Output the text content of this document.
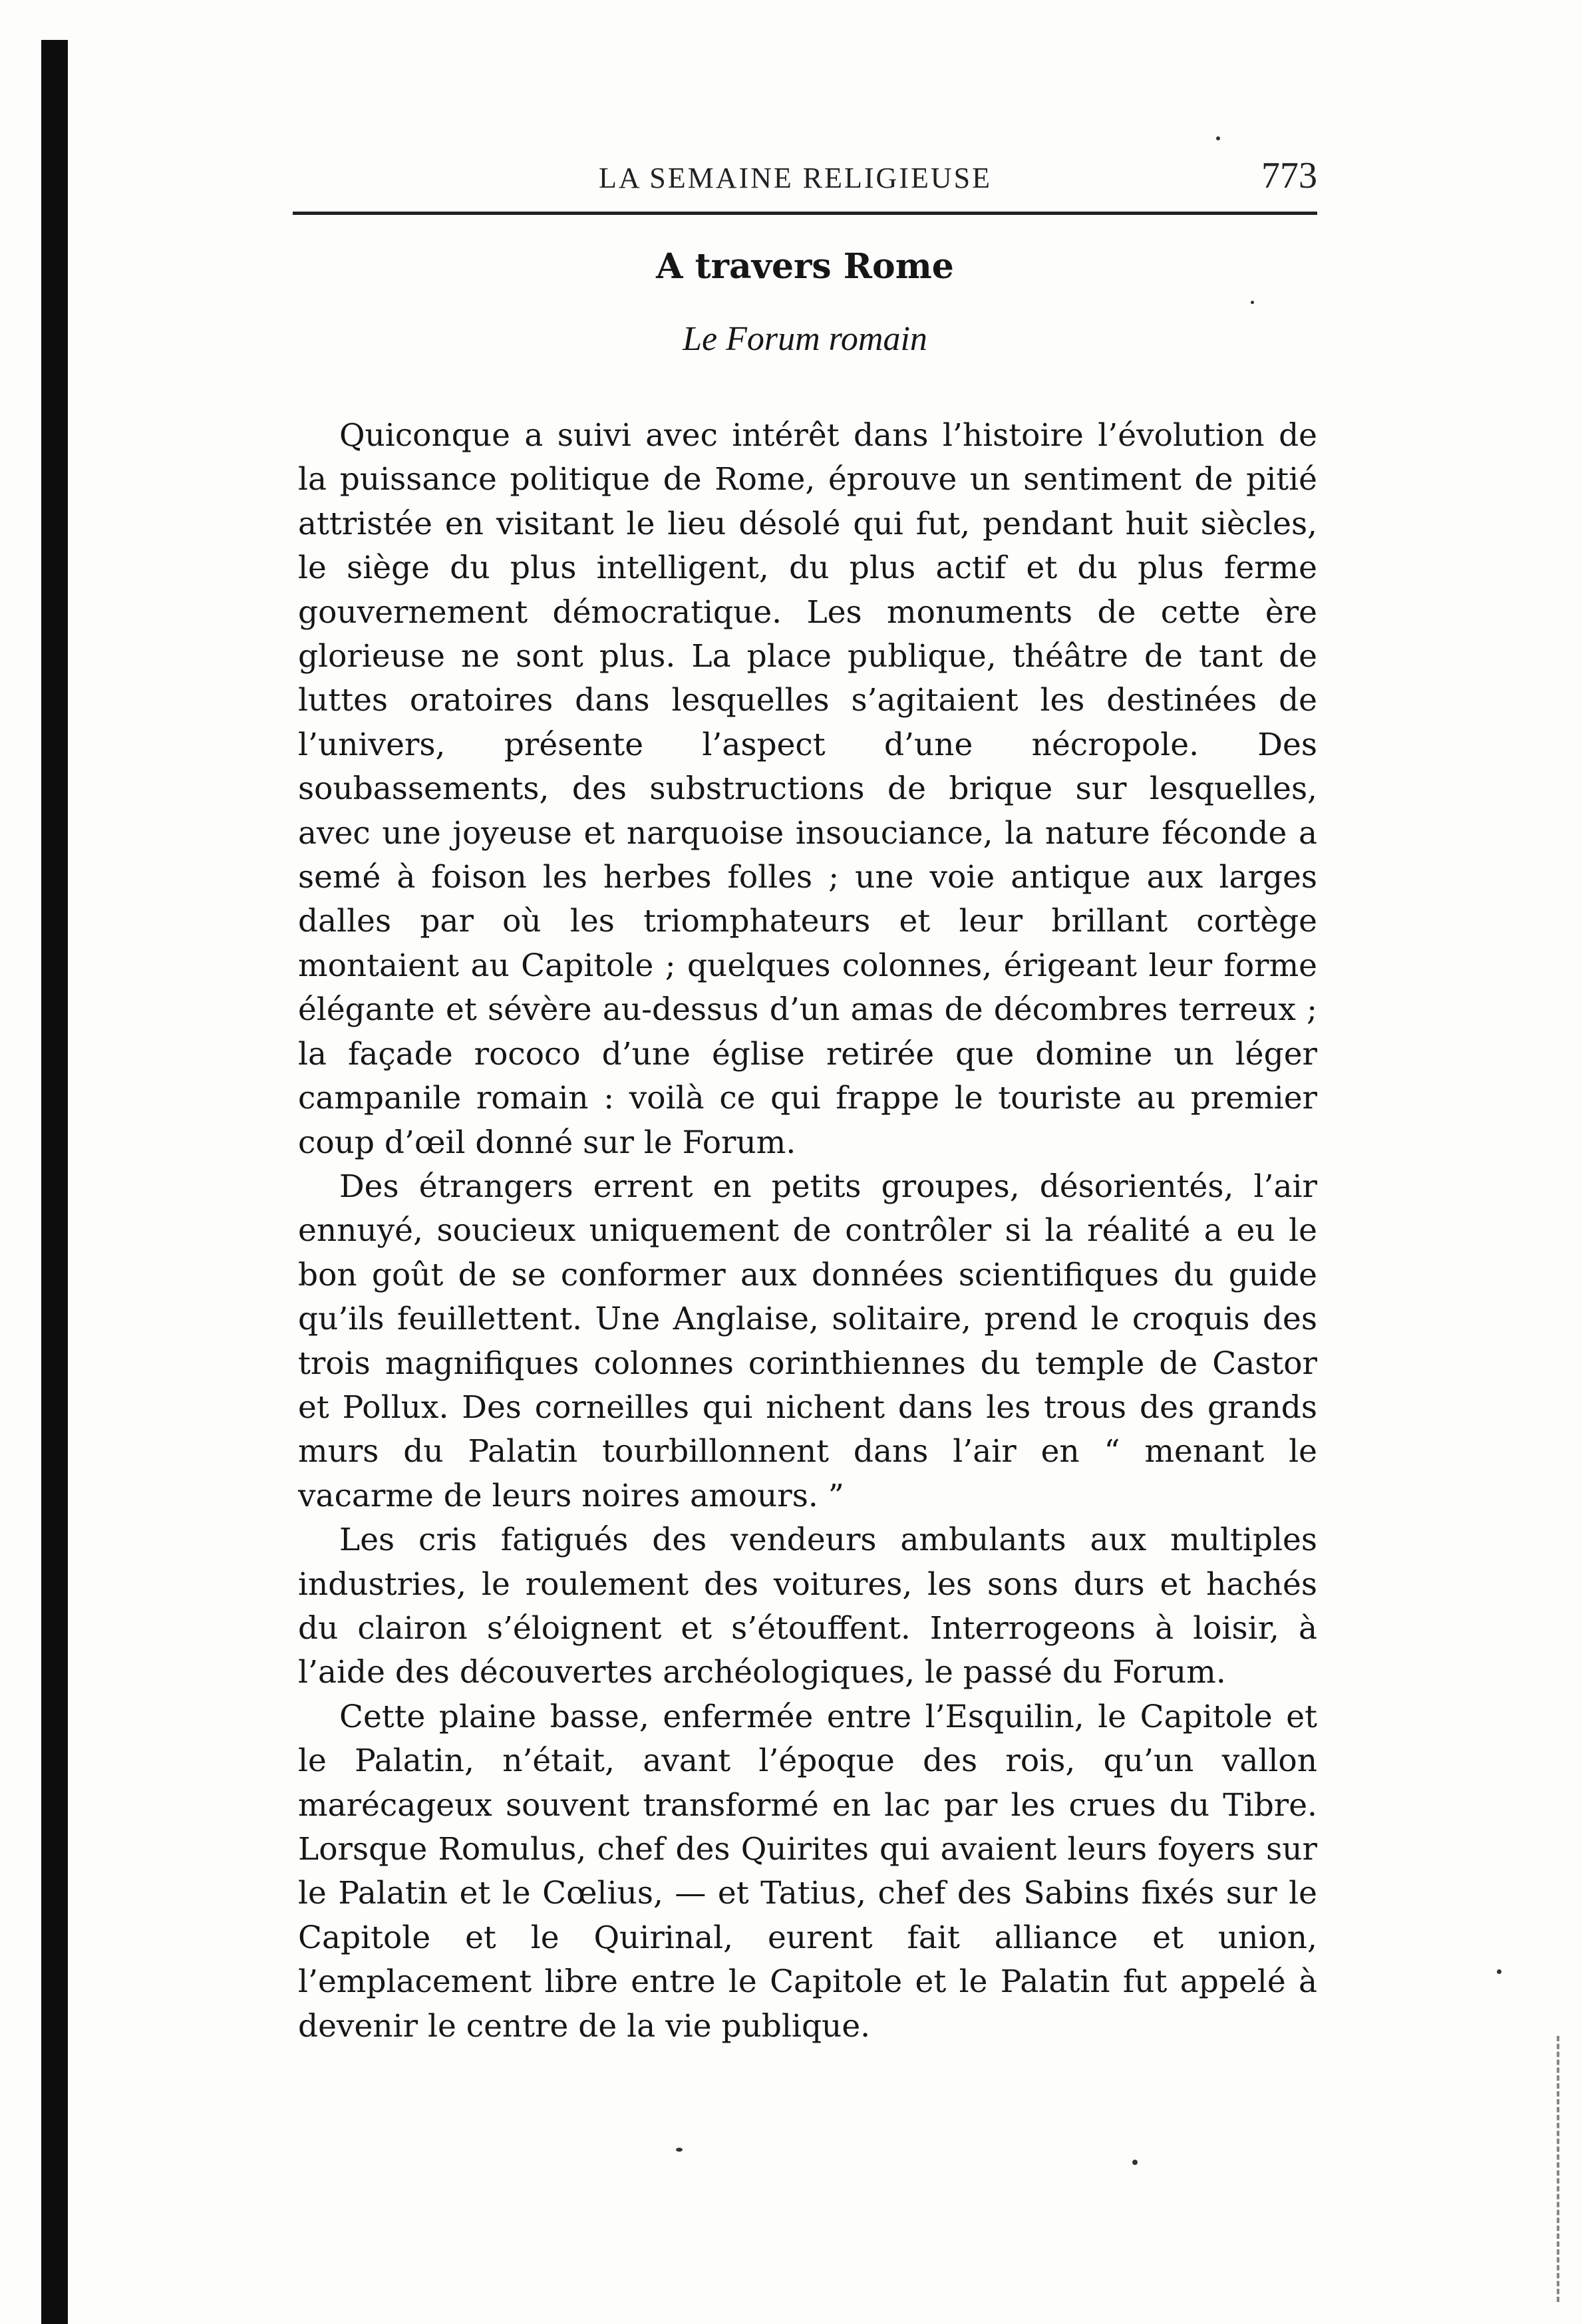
LA SEMAINE RELIGIEUSE	773
A travers Rome
Le Forum romain

Quiconque a suivi avec intérêt dans l’histoire l’évolution de la puissance politique de Rome, éprouve un sentiment de pitié attristée en visitant le lieu désolé qui fut, pendant huit siècles, le siège du plus intelligent, du plus actif et du plus ferme gouvernement démocratique. Les monuments de cette ère glorieuse ne sont plus. La place publique, théâtre de tant de luttes oratoires dans lesquelles s’agitaient les destinées de l’univers, présente l’aspect d’une nécropole. Des soubassements, des substructions de brique sur lesquelles, avec une joyeuse et narquoise insouciance, la nature féconde a semé à foison les herbes folles ; une voie antique aux larges dalles par où les triomphateurs et leur brillant cortège montaient au Capitole ; quelques colonnes, érigeant leur forme élégante et sévère au-dessus d’un amas de décombres terreux ; la façade rococo d’une église retirée que domine un léger campanile romain : voilà ce qui frappe le touriste au premier coup d’œil donné sur le Forum.

Des étrangers errent en petits groupes, désorientés, l’air ennuyé, soucieux uniquement de contrôler si la réalité a eu le bon goût de se conformer aux données scientifiques du guide qu’ils feuillettent. Une Anglaise, solitaire, prend le croquis des trois magnifiques colonnes corinthiennes du temple de Castor et Pollux. Des corneilles qui nichent dans les trous des grands murs du Palatin tourbillonnent dans l’air en “ menant le vacarme de leurs noires amours. ”

Les cris fatigués des vendeurs ambulants aux multiples industries, le roulement des voitures, les sons durs et hachés du clairon s’éloignent et s’étouffent. Interrogeons à loisir, à l’aide des découvertes archéologiques, le passé du Forum.

Cette plaine basse, enfermée entre l’Esquilin, le Capitole et le Palatin, n’était, avant l’époque des rois, qu’un vallon marécageux souvent transformé en lac par les crues du Tibre. Lorsque Romulus, chef des Quirites qui avaient leurs foyers sur le Palatin et le Cœlius, — et Tatius, chef des Sabins fixés sur le Capitole et le Quirinal, eurent fait alliance et union, l’emplacement libre entre le Capitole et le Palatin fut appelé à devenir le centre de la vie publique.
